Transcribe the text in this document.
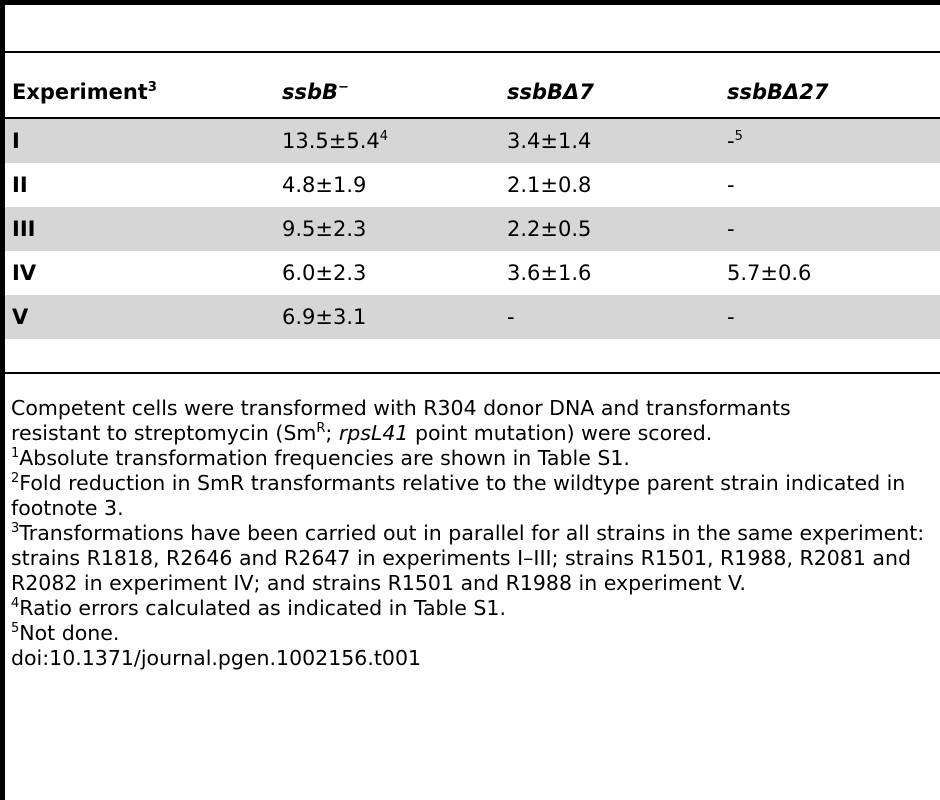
Experiment$^3$	ssbB−	ssbBΔ7	ssbBΔ27
I	$13.5\pm 5.4^4$	3.4±1.4	-$^5$
II	4.8±1.9	2.1±0.8	-
III	9.5±2.3	2.2±0.5	-
IV	6.0±2.3	3.6±1.6	5.7±0.6
V	6.9±3.1	-	-

Competent cells were transformed with R304 donor DNA and transformants
resistant to streptomycin ($Sm^R$; rpsL41 point mutation) were scored.

$^1$Absolute transformation frequencies are shown in Table S1.

$^2$Fold reduction in SmR transformants relative to the wildtype parent strain indicated in footnote 3.

$^3$Transformations have been carried out in parallel for all strains in the same experiment: strains R1818, R2646 and R2647 in experiments I–III; strains R1501, R1988, R2081 and R2082 in experiment IV; and strains R1501 and R1988 in experiment V.

$^4$Ratio errors calculated as indicated in Table S1.

$^5$Not done.

doi:10.1371/journal.pgen.1002156.t001
